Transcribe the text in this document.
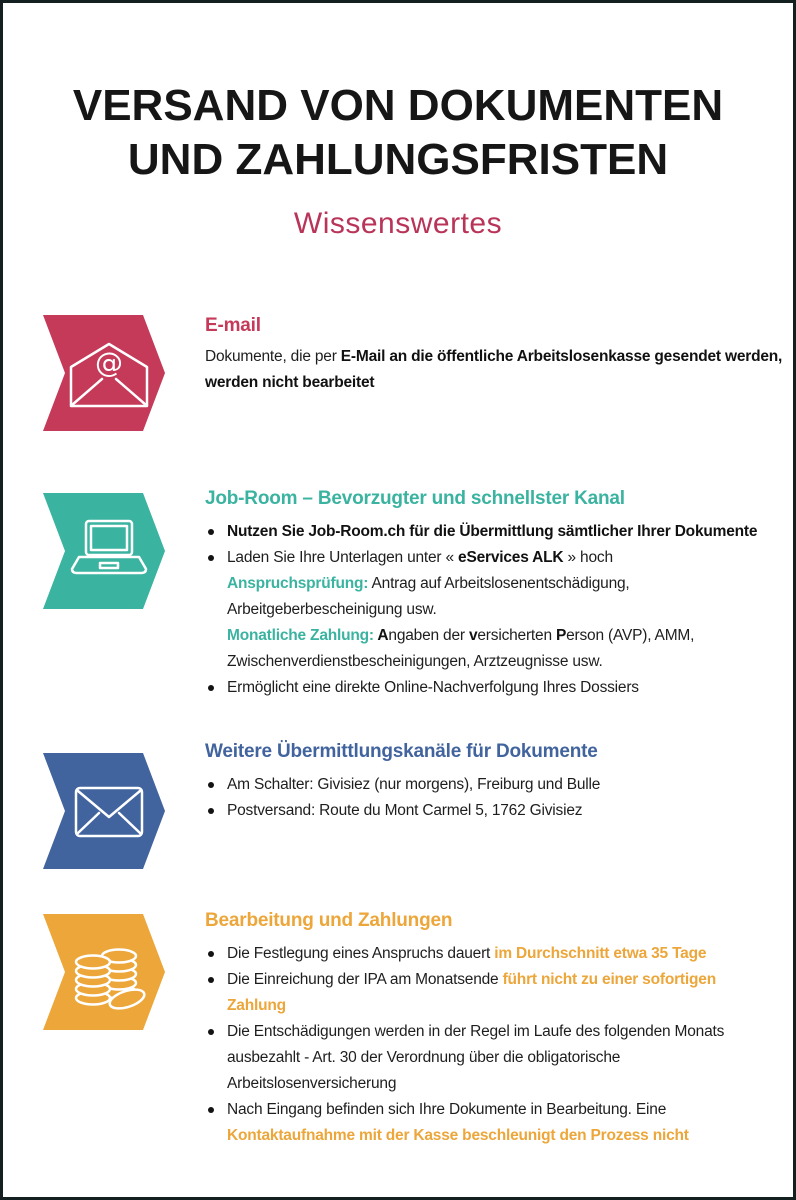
VERSAND VON DOKUMENTEN
UND ZAHLUNGSFRISTEN
Wissenswertes
@
E-mail

Dokumente, die per E-Mail an die öffentliche Arbeitslosenkasse gesendet werden, werden nicht bearbeitet

Job-Room – Bevorzugter und schnellster Kanal
Nutzen Sie Job-Room.ch für die Übermittlung sämtlicher Ihrer Dokumente
Laden Sie Ihre Unterlagen unter « eServices ALK » hoch
Anspruchsprüfung: Antrag auf Arbeitslosenentschädigung, Arbeitgeberbescheinigung usw.
Monatliche Zahlung: Angaben der versicherten Person (AVP), AMM,  Zwischenverdienstbescheinigungen, Arztzeugnisse usw.
Ermöglicht eine direkte Online-Nachverfolgung Ihres Dossiers
Weitere Übermittlungskanäle für Dokumente
Am Schalter: Givisiez (nur morgens), Freiburg und Bulle
Postversand: Route du Mont Carmel 5, 1762 Givisiez
Bearbeitung und Zahlungen
Die Festlegung eines Anspruchs dauert im Durchschnitt etwa 35 Tage
Die Einreichung der IPA am Monatsende führt nicht zu einer sofortigen Zahlung
Die Entschädigungen werden in der Regel im Laufe des folgenden Monats ausbezahlt - Art. 30 der Verordnung über die obligatorische Arbeitslosenversicherung
Nach Eingang befinden sich Ihre Dokumente in Bearbeitung. Eine Kontaktaufnahme mit der Kasse beschleunigt den Prozess nicht
